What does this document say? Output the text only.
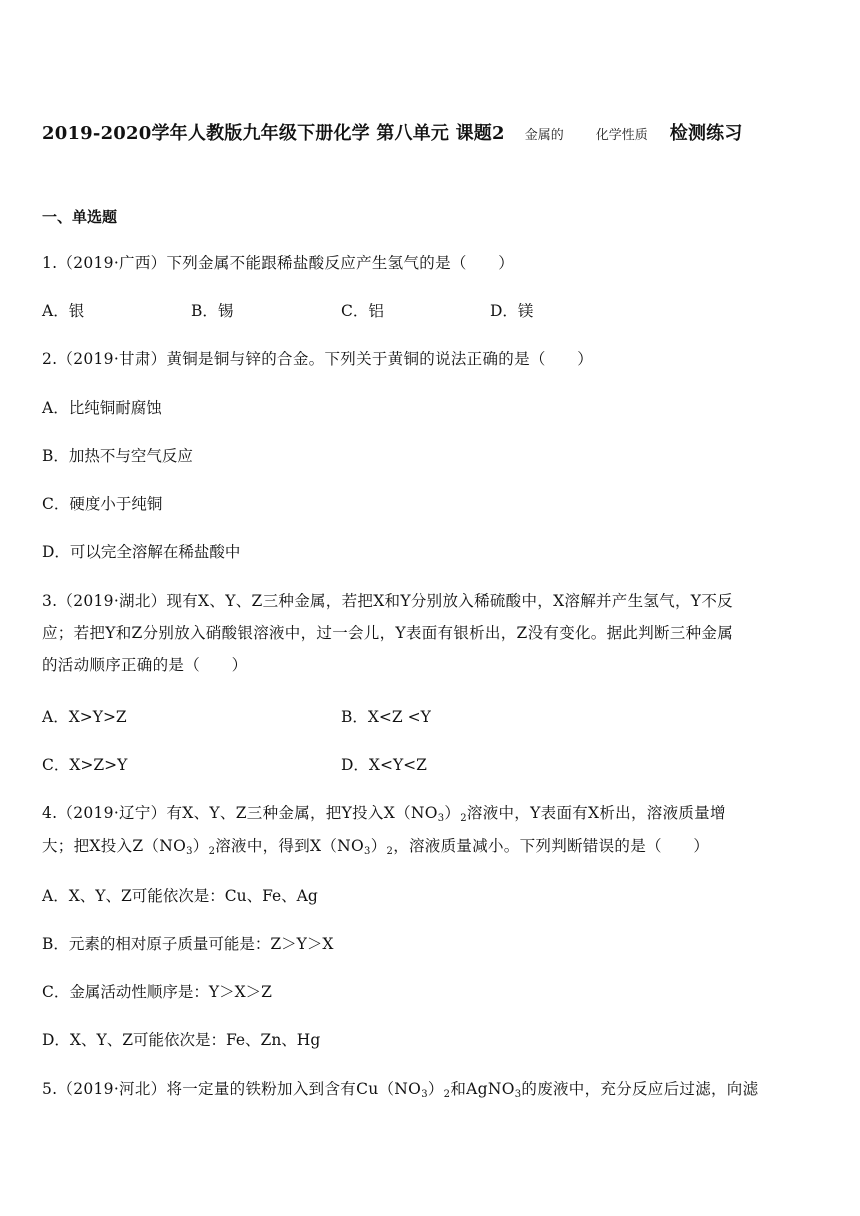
2019-2020学年人教版九年级下册化学 第八单元 课题2 金属的 化学性质 检测练习
一、单选题
1.（2019·广西）下列金属不能跟稀盐酸反应产生氢气的是（　　）
A．银	B．锡	C．铝	D．镁
2.（2019·甘肃）黄铜是铜与锌的合金。下列关于黄铜的说法正确的是（　　）
A．比纯铜耐腐蚀
B．加热不与空气反应
C．硬度小于纯铜
D．可以完全溶解在稀盐酸中
3.（2019·湖北）现有X、Y、Z三种金属，若把X和Y分别放入稀硫酸中，X溶解并产生氢气，Y不反
应；若把Y和Z分别放入硝酸银溶液中，过一会儿，Y表面有银析出，Z没有变化。据此判断三种金属
的活动顺序正确的是（　　）
A．X>Y>Z	B．X<Z <Y
C．X>Z>Y	D．X<Y<Z
4.（2019·辽宁）有X、Y、Z三种金属，把Y投入$X(NO_3)_2$溶液中，Y表面有X析出，溶液质量增
大；把X投入$Z(NO_3)_2$溶液中，得到$X(NO_3)_2$，溶液质量减小。下列判断错误的是（　　）
A．X、Y、Z可能依次是：Cu、Fe、Ag
B．元素的相对原子质量可能是：Z＞Y＞X
C．金属活动性顺序是：Y＞X＞Z
D．X、Y、Z可能依次是：Fe、Zn、Hg
5.（2019·河北）将一定量的铁粉加入到含有$Cu(NO_3)_2$和AgNO$_3$的废液中，充分反应后过滤，向滤
